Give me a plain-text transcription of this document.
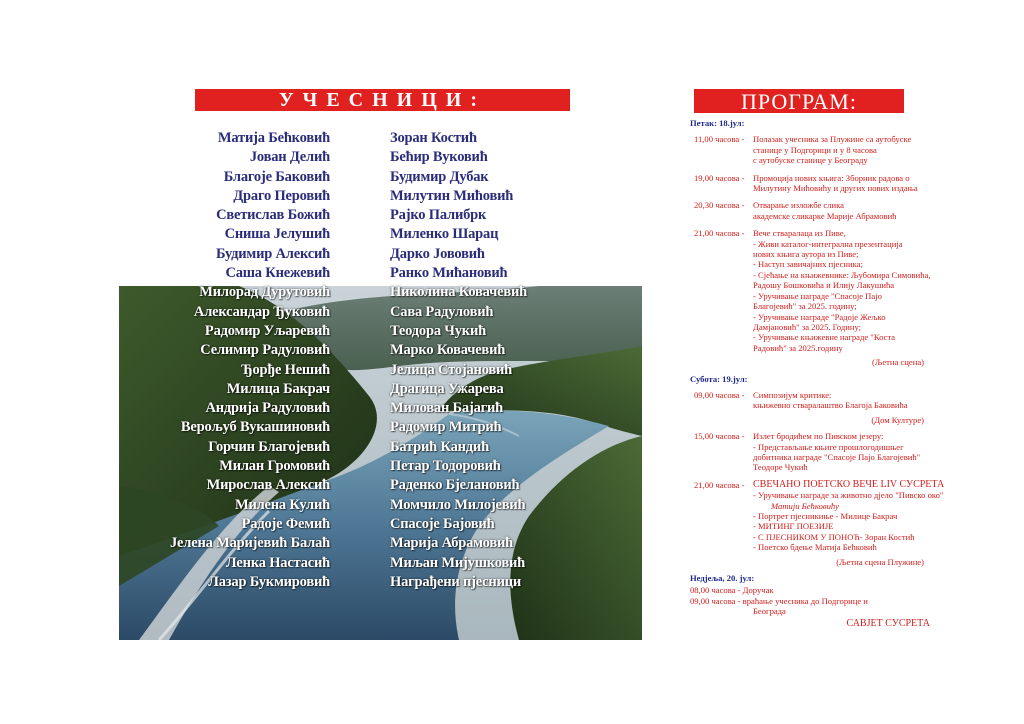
УЧЕСНИЦИ:	ПРОГРАМ:
Матија Бећковић
Јован Делић
Благоје Баковић
Драго Перовић
Светислав Божић
Сниша Јелушић
Будимир Алексић
Саша Кнежевић
Милорад Дурутовић
Александар Ђуковић
Радомир Уљаревић
Селимир Радуловић
Ђорђе Нешић
Милица Бакрач
Андрија Радуловић
Верољуб Вукашиновић
Горчин Благојевић
Милан Громовић
Мирослав Алексић
Милена Кулић
Радоје Фемић
Јелена Маријевић Балаћ
Ленка Настасић
Лазар Букмировић
Зоран Костић
Бећир Вуковић
Будимир Дубак
Милутин Мићовић
Рајко Палибрк
Миленко Шарац
Дарко Јововић
Ранко Мићановић
Николина Ковачевић
Сава Радуловић
Теодора Чукић
Марко Ковачевић
Јелица Стојановић
Драгица Ужарева
Милован Бајагић
Радомир Митрић
Батрић Кандић
Петар Тодоровић
Раденко Бјелановић
Момчило Милојевић
Спасоје Бајовић
Марија Абрамовић
Миљан Мијушковић
Награђени пјесници
Петак: 18.јул:
11,00 часова - Полазак учесника за Плужине са аутобуске
станице у Подгорици и у 8 часова
с аутобуске станице у Београду
19,00 часова - Промоција нових књига: Зборник радова о
Милутину Мићовићу и других нових издања
20,30 часова - Отварање изложбе слика
академске сликарке Марије Абрамовић
21,00 часова - Вече стваралаца из Пиве,
- Живи каталог-интегрална презентација
нових књига аутора из Пиве;
- Наступ завичајних пјесника;
- Сјећање на књижевнике: Љубомира Симовића,
Радошу Бошковића и Илију Лакушића
- Уручивање награде "Спасоје Пајо
Благојевић" за 2025. годину;
- Уручивање награде "Радоје Жељко
Дамјановић" за 2025. Годину;
- Уручивање књижевне награде "Коста
Радовић" за 2025.годину
(Љетна сцена)
Субота: 19.јул:
09,00 часова - Симпозијум критике:
књижевно стваралаштво Благоја Баковића
(Дом Културе)
15,00 часова - Излет бродићем по Пивском језеру:
- Представљање књиге прошлогодишњег
добитника награде "Спасоје Пајо Благојевић"
Теодоре Чукић
21,00 часова - СВЕЧАНО ПОЕТСКО ВЕЧЕ LIV СУСРЕТА
- Уручивање награде за животно дјело "Пивско око"
Матији Бећковићу
- Портрет пјесникиње - Милице Бакрач
- МИТИНГ ПОЕЗИЈЕ
- С ПЈЕСНИКОМ У ПОНОЋ- Зоран Костић
- Поетско бдење Матија Бећковић
(Љетна сцена Плужине)
Недјеља, 20. јул:
08,00 часова - Доручак
09,00 часова - враћање учесника до Подгорице и
Београда
САВЈЕТ СУСРЕТА
